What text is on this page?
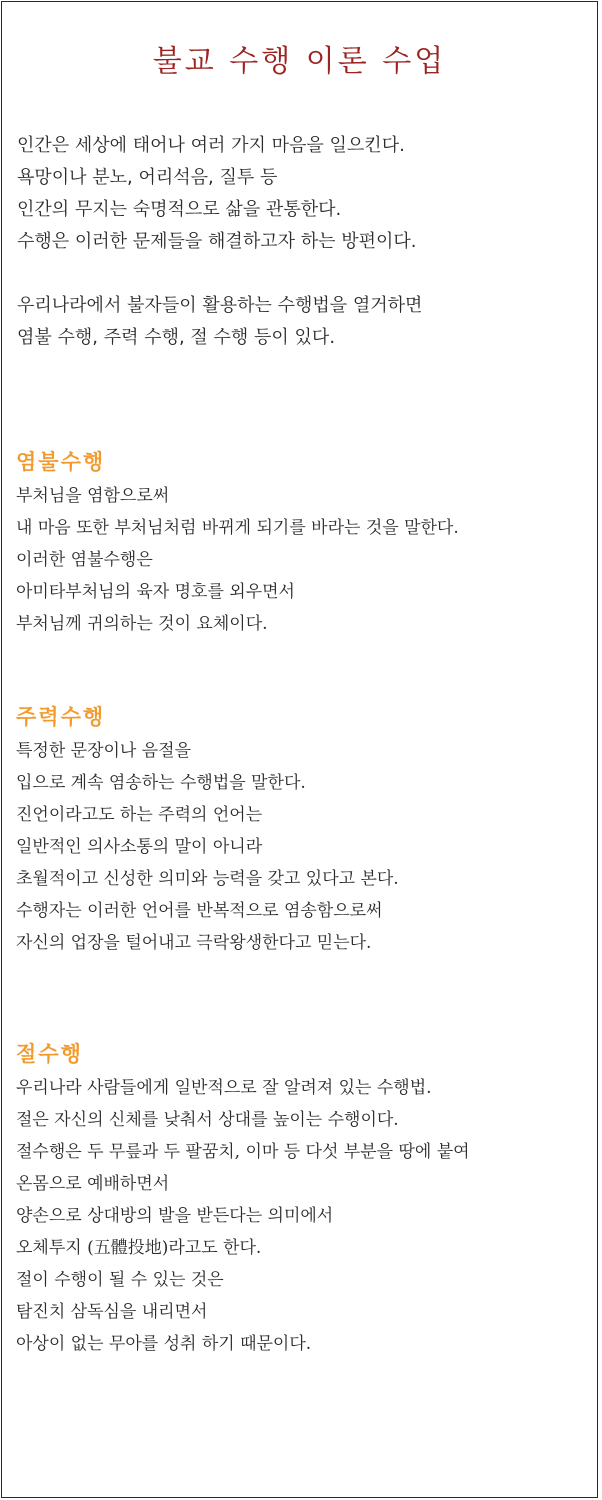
불교 수행 이론 수업
인간은 세상에 태어나 여러 가지 마음을 일으킨다.
욕망이나 분노, 어리석음, 질투 등
인간의 무지는 숙명적으로 삶을 관통한다.
수행은 이러한 문제들을 해결하고자 하는 방편이다.
우리나라에서 불자들이 활용하는 수행법을 열거하면
염불 수행, 주력 수행, 절 수행 등이 있다.
염불수행
부처님을 염함으로써
내 마음 또한 부처님처럼 바뀌게 되기를 바라는 것을 말한다.
이러한 염불수행은
아미타부처님의 육자 명호를 외우면서
부처님께 귀의하는 것이 요체이다.
주력수행
특정한 문장이나 음절을
입으로 계속 염송하는 수행법을 말한다.
진언이라고도 하는 주력의 언어는
일반적인 의사소통의 말이 아니라
초월적이고 신성한 의미와 능력을 갖고 있다고 본다.
수행자는 이러한 언어를 반복적으로 염송함으로써
자신의 업장을 털어내고 극락왕생한다고 믿는다.
절수행
우리나라 사람들에게 일반적으로 잘 알려져 있는 수행법.
절은 자신의 신체를 낮춰서 상대를 높이는 수행이다.
절수행은 두 무릎과 두 팔꿈치, 이마 등 다섯 부분을 땅에 붙여
온몸으로 예배하면서
양손으로 상대방의 발을 받든다는 의미에서
오체투지 (五體投地)라고도 한다.
절이 수행이 될 수 있는 것은
탐진치 삼독심을 내리면서
아상이 없는 무아를 성취 하기 때문이다.
